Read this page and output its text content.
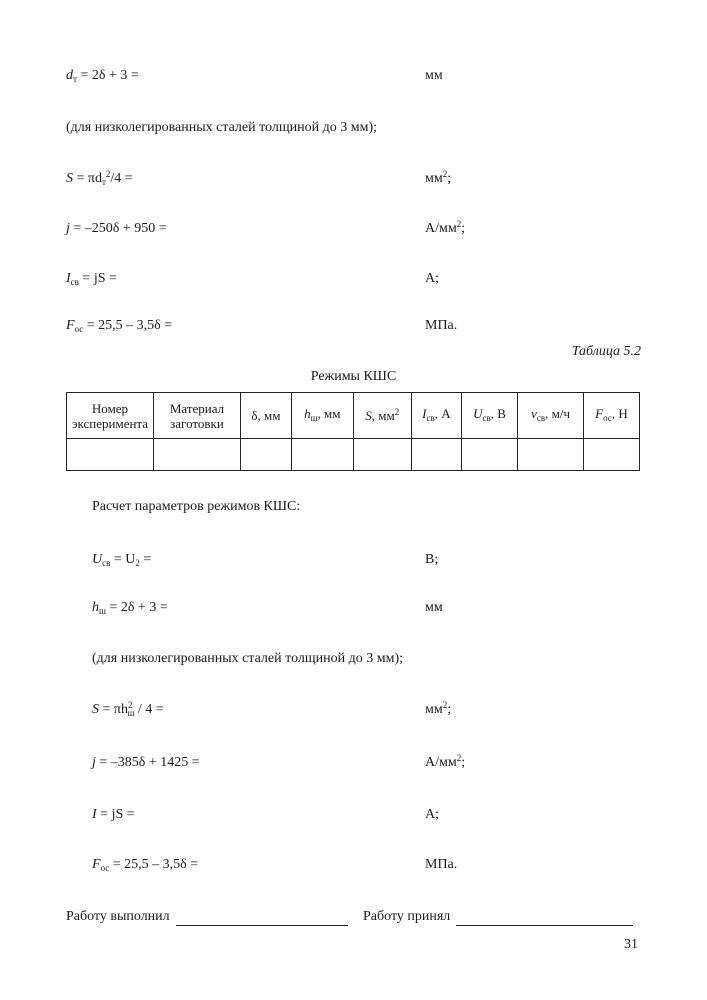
$d_т = 2\delta + 3$ =	мм
(для низколегированных сталей толщиной до 3 мм);
$S = \pi d_т^2/4$ =	$мм^2$;
j = –250δ + 950 =	$А/мм^2$;
$I_{св}$ = jS =	А;
$F_{ос} = 25,5 - 3,5\delta$ =	МПа.
Таблица 5.2
Режимы КШС
Номер эксперимента	Материал заготовки	δ, мм	$h_ш$, мм	S, $мм^2$	$I_{св}$, А	$U_{св}$, В	$v_{св}$, м/ч	$F_{ос}$, Н

Расчет параметров режимов КШС:
$U_{св} = U_2$ =	В;
$h_ш = 2\delta + 3$ =	мм
(для низколегированных сталей толщиной до 3 мм);
$S = \pi h^2_ш / 4$ =	$мм^2$;
j = –385δ + 1425 =	$А/мм^2$;
I = jS =	А;
$F_{ос} = 25,5 - 3,5\delta$ =	МПа.
Работу выполнил	Работу принял
31
